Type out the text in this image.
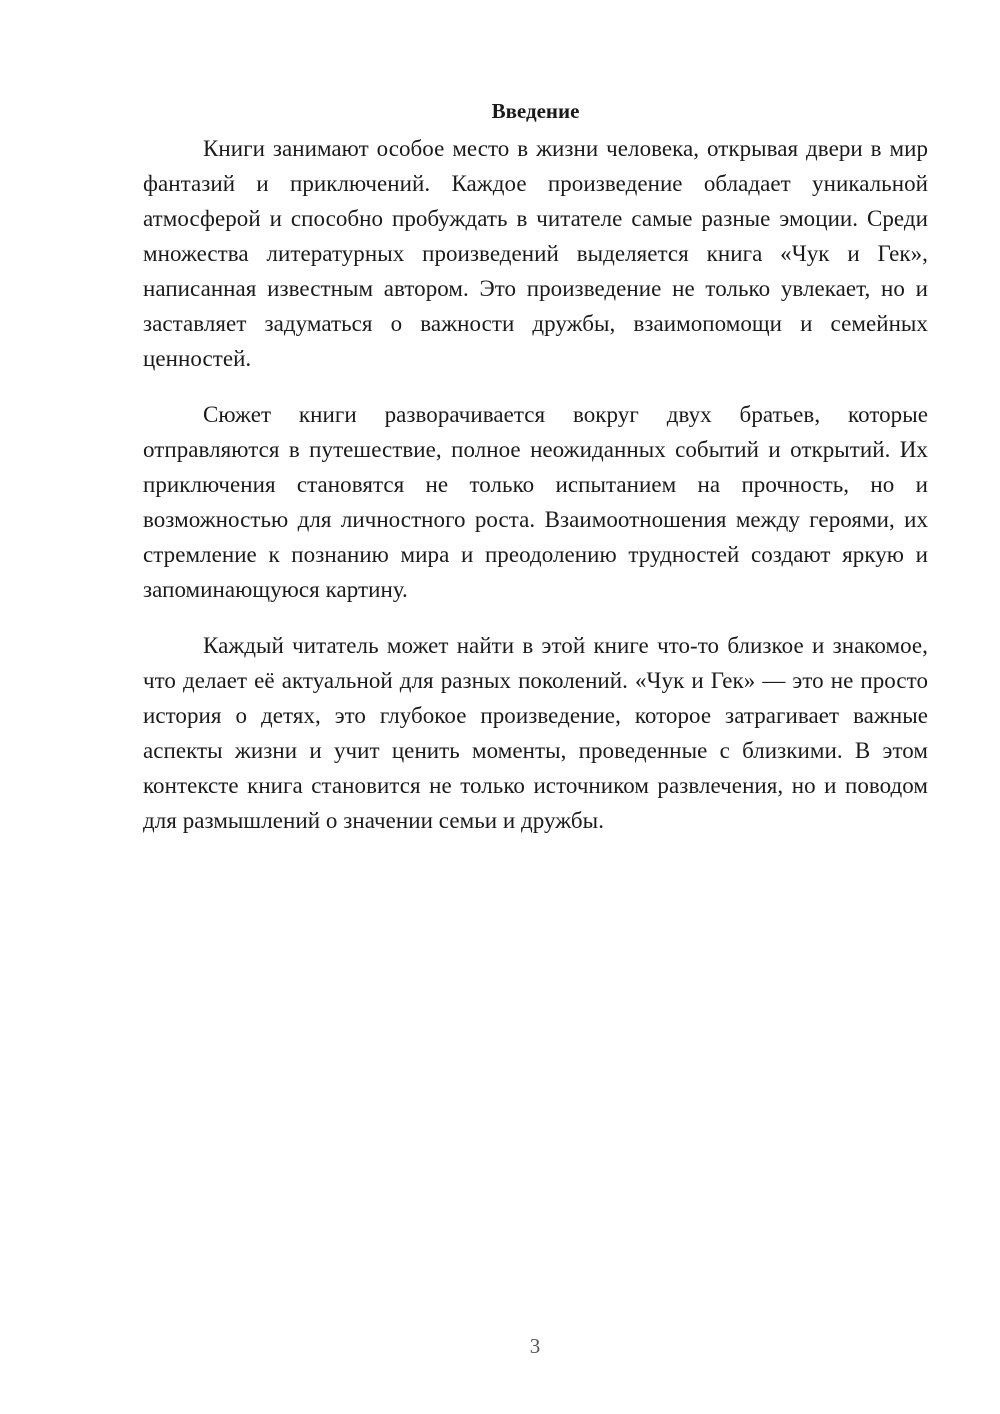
Введение

Книги занимают особое место в жизни человека, открывая двери в мир фантазий и приключений. Каждое произведение обладает уникальной атмосферой и способно пробуждать в читателе самые разные эмоции. Среди множества литературных произведений выделяется книга «Чук и Гек», написанная известным автором. Это произведение не только увлекает, но и заставляет задуматься о важности дружбы, взаимопомощи и семейных ценностей.

Сюжет книги разворачивается вокруг двух братьев, которые отправляются в путешествие, полное неожиданных событий и открытий. Их приключения становятся не только испытанием на прочность, но и возможностью для личностного роста. Взаимоотношения между героями, их стремление к познанию мира и преодолению трудностей создают яркую и запоминающуюся картину.

Каждый читатель может найти в этой книге что-то близкое и знакомое, что делает её актуальной для разных поколений. «Чук и Гек» — это не просто история о детях, это глубокое произведение, которое затрагивает важные аспекты жизни и учит ценить моменты, проведенные с близкими. В этом контексте книга становится не только источником развлечения, но и поводом для размышлений о значении семьи и дружбы.

3
